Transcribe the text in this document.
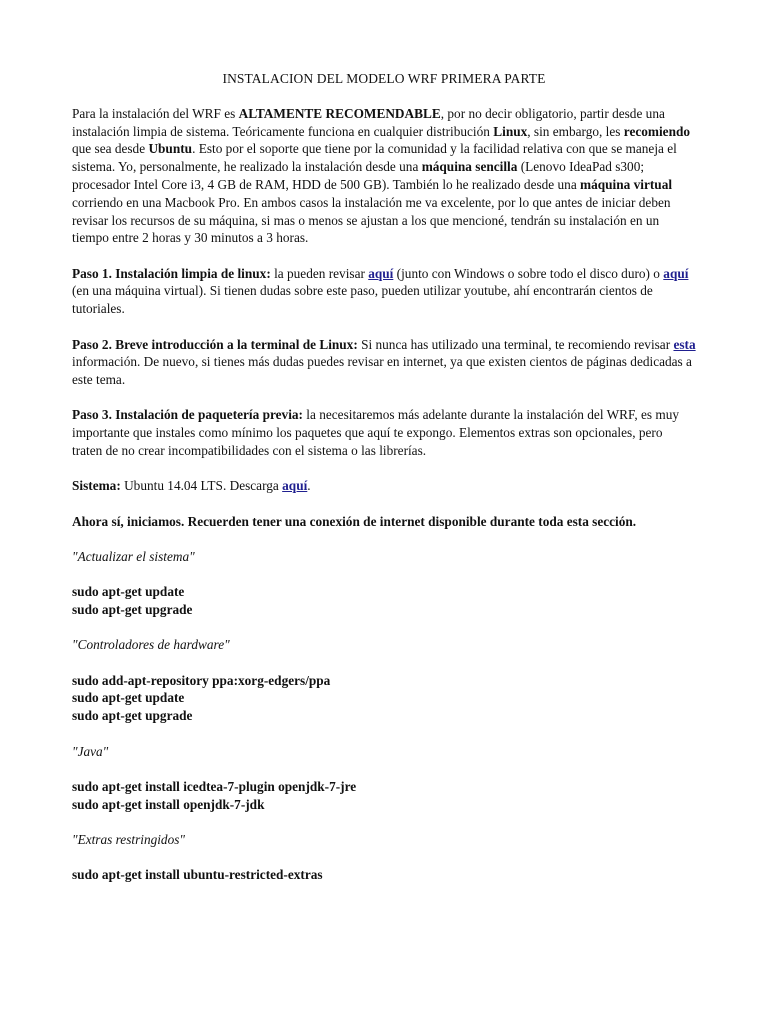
INSTALACION DEL MODELO WRF PRIMERA PARTE

Para la instalación del WRF es ALTAMENTE RECOMENDABLE, por no decir obligatorio, partir desde una instalación limpia de sistema. Teóricamente funciona en cualquier distribución Linux, sin embargo, les recomiendo que sea desde Ubuntu. Esto por el soporte que tiene por la comunidad y la facilidad relativa con que se maneja el sistema. Yo, personalmente, he realizado la instalación desde una máquina sencilla (Lenovo IdeaPad s300; procesador Intel Core i3, 4 GB de RAM, HDD de 500 GB). También lo he realizado desde una máquina virtual corriendo en una Macbook Pro. En ambos casos la instalación me va excelente, por lo que antes de iniciar deben revisar los recursos de su máquina, si mas o menos se ajustan a los que mencioné, tendrán su instalación en un tiempo entre 2 horas y 30 minutos a 3 horas.

Paso 1. Instalación limpia de linux: la pueden revisar aquí (junto con Windows o sobre todo el disco duro) o aquí (en una máquina virtual). Si tienen dudas sobre este paso, pueden utilizar youtube, ahí encontrarán cientos de tutoriales.

Paso 2. Breve introducción a la terminal de Linux: Si nunca has utilizado una terminal, te recomiendo revisar esta información. De nuevo, si tienes más dudas puedes revisar en internet, ya que existen cientos de páginas dedicadas a este tema.

Paso 3. Instalación de paquetería previa: la necesitaremos más adelante durante la instalación del WRF, es muy importante que instales como mínimo los paquetes que aquí te expongo. Elementos extras son opcionales, pero traten de no crear incompatibilidades con el sistema o las librerías.

Sistema: Ubuntu 14.04 LTS. Descarga aquí.

Ahora sí, iniciamos. Recuerden tener una conexión de internet disponible durante toda esta sección.

"Actualizar el sistema"

sudo apt-get update
sudo apt-get upgrade

"Controladores de hardware"

sudo add-apt-repository ppa:xorg-edgers/ppa
sudo apt-get update
sudo apt-get upgrade

"Java"

sudo apt-get install icedtea-7-plugin openjdk-7-jre
sudo apt-get install openjdk-7-jdk

"Extras restringidos"

sudo apt-get install ubuntu-restricted-extras
